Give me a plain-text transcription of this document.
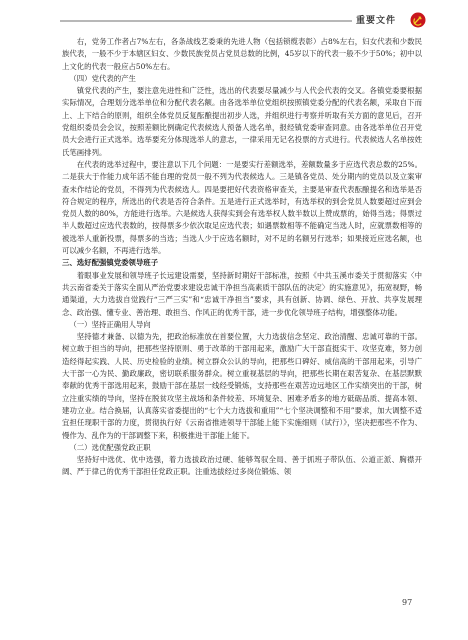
重要文件

右，党务工作者占7%左右，各条战线艺委秉的先进人物（包括锁缆表彰）占8%左右，妇女代表和少数民族代表，一般不少于本辖区妇女、少数民族党员占党员总数的比例，45岁以下的代表一般不少于50%；初中以上文化的代表一般应占50%左右。

（四）党代表的产生

镇党代表的产生，要注意先进性和广泛性，选出的代表要尽量减少与人代会代表的交叉。各镇党委要根据实际情况，合理划分选举单位和分配代表名额。由各选举单位党组织按照镇党委分配的代表名额，采取自下而上、上下结合的原则，组织全体党员反复酝酿提出初步人选，并组织进行考察并听取有关方面的意见后，召开党组织委员会会议，按照差额比例确定代表候选人预备人选名单，报经镇党委审查同意。由各选举单位召开党员大会进行正式选举。选举要充分体现选举人的意志，一律采用无记名投票的方式进行。代表候选人名单按姓氏笔画排列。

在代表的选举过程中，要注意以下几个问题：一是要实行差额选举，差额数量多于应选代表总数的25%。二是获大于作能力成年活不能自理的党员一般不列为代表候选人。三是镇各党员、处分期内的党员以及立案审查未作结论的党员，不得列为代表候选人。四是要把好代表资格审查关，主要是审查代表酝酿提名和选举是否符合规定的程序，所选出的代表是否符合条件。五是进行正式选举时，有选举权的到会党员人数要超过应到会党员人数的80%，方能进行选举。六是候选人获得实到会有选举权人数半数以上赞成票的，始得当选；得票过半人数超过应选代表数的，按得票多少依次取足应选代表；如遇票数相等不能确定当选人时，应就票数相等的被选举人重新投票，得票多的当选；当选人少于应选名额时，对不足的名额另行选举；如果接近应选名额，也可以减少名额，不再进行选举。

三、选好配强镇党委领导班子

着眼事业发展和领导班子长远建设需要，坚持新时期好干部标准，按照《中共玉溪市委关于贯彻落实〈中共云南省委关于落实全面从严治党要求建设忠诚干净担当高素质干部队伍的决定〉的实施意见》，拓宽视野，畅通渠道，大力选拔自觉践行“三严三实”和“忠诚干净担当”要求，具有创新、协调、绿色、开放、共享发展理念、政治强、懂专业、善治理、敢担当、作风正的优秀干部，进一步优化领导班子结构，增强整体功能。

（一）坚持正确用人导向

坚持德才兼备、以德为先，把政治标准放在首要位置，大力选拔信念坚定、政治清醒、忠诚可靠的干部。树立敢于担当的导向，把那些坚持原则、勇于改革的干部用起来，激励广大干部直挺实干、攻坚克难，努力创造经得起实践、人民、历史检验的业绩。树立群众公认的导向，把那些口碑好、威信高的干部用起来，引导广大干部一心为民、勤政廉政，密切联系服务群众。树立重视基层的导向，把那些长期在艰苦复杂、在基层默默奉献的优秀干部选用起来，鼓励干部在基层一线经受锻炼，支持那些在艰苦边远地区工作实绩突出的干部，树立注重实绩的导向，坚持在脱贫攻坚主战场和条件较差、环境复杂、困难矛盾多的地方砥砺品质、提高本领、建功立业。结合换届，认真落实省委提出的“七个大力选拔和重用”“七个坚决调整和不用”要求，加大调整不适宜担任现职干部的力度，贯彻执行好《云南省推进领导干部能上能下实施细则（试行）》，坚决把那些不作为、慢作为、乱作为的干部调整下来，积极推进干部能上能下。

（二）选优配强党政正职

坚持好中选优、优中选强，着力选拔政治过硬、能够驾驭全局、善于抓班子带队伍、公道正派、胸襟开阔、严于律己的优秀干部担任党政正职。注重选拔经过多岗位锻炼、领

97
